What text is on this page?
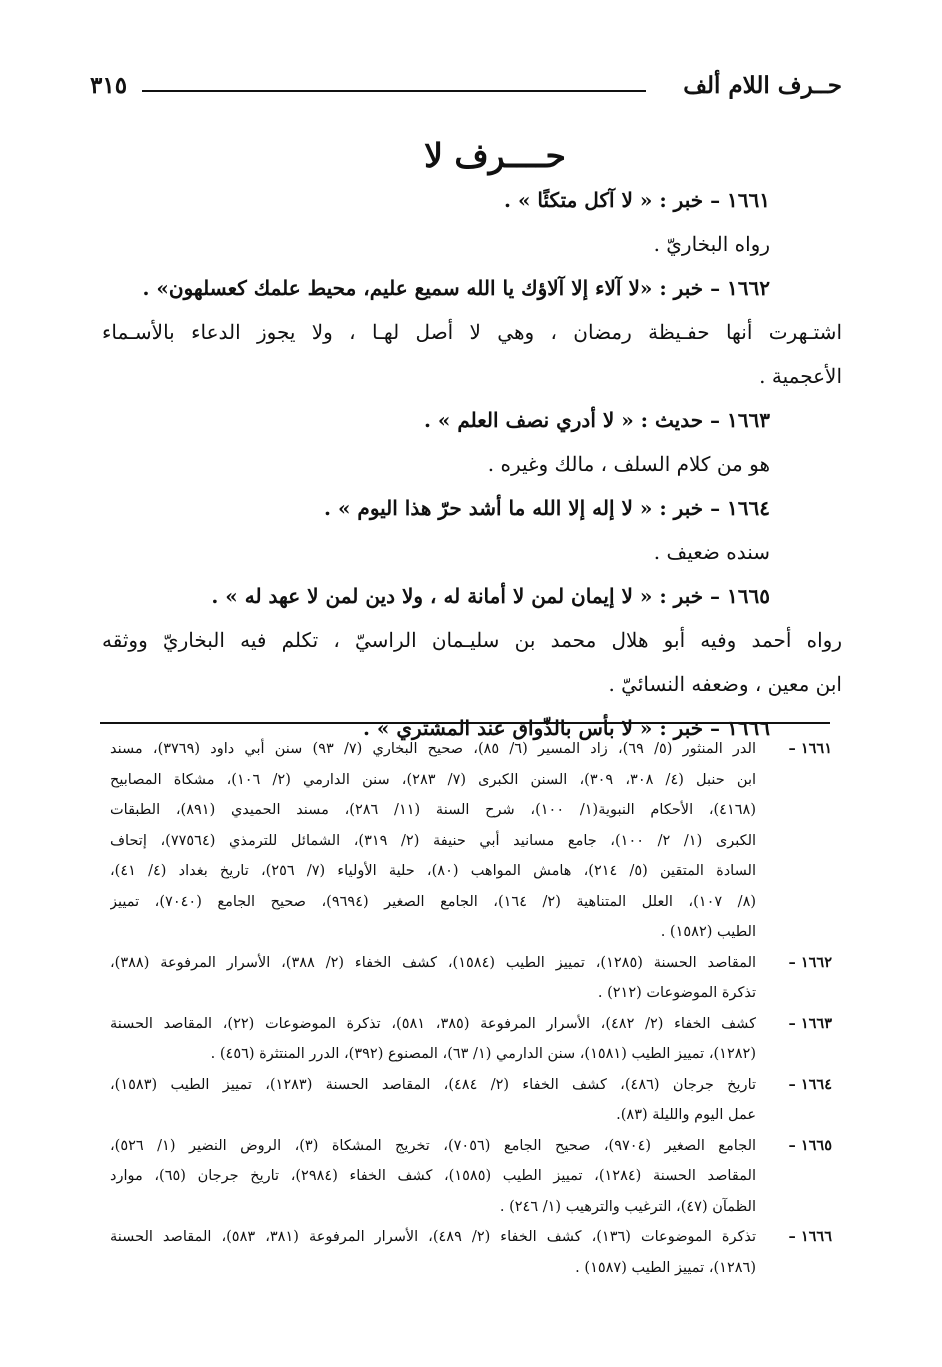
حــرف اللام ألف
٣١٥
حــــرف لا
١٦٦١ – خبر : « لا آكل متكئًا » .
رواه البخاريّ .
١٦٦٢ – خبر : «لا آلاء إلا آلاؤك يا الله سميع عليم، محيط علمك كعسلهون» .
اشتـهرت أنها حفـيظة رمضان ، وهي لا أصل لهـا ، ولا يجوز الدعاء بالأسـماء
الأعجمية .
١٦٦٣ – حديث : « لا أدري نصف العلم » .
هو من كلام السلف ، مالك وغيره .
١٦٦٤ – خبر : « لا إله إلا الله ما أشد حرّ هذا اليوم » .
سنده ضعيف .
١٦٦٥ – خبر : « لا إيمان لمن لا أمانة له ، ولا دين لمن لا عهد له » .
رواه أحمد وفيه أبو هلال محمد بن سليـمان الراسيّ ، تكلم فيه البخاريّ ووثقه
ابن معين ، وضعفه النسائيّ .
١٦٦٦ – خبر : « لا بأس بالذّواق عند المشتري » .
١٦٦١ –
الدر المنثور (٥/ ٦٩)، زاد المسير (٦/ ٨٥)، صحيح البخاري (٧/ ٩٣) سنن أبي داود (٣٧٦٩)، مسند
ابن حنبل (٤/ ٣٠٨، ٣٠٩)، السنن الكبرى (٧/ ٢٨٣)، سنن الدارمي (٢/ ١٠٦)، مشكاة المصابيح
(٤١٦٨)، الأحكام النبوية(١/ ١٠٠)، شرح السنة (١١/ ٢٨٦)، مسند الحميدي (٨٩١)، الطبقات
الكبرى (١/ ٢/ ١٠٠)، جامع مسانيد أبي حنيفة (٢/ ٣١٩)، الشمائل للترمذي (٧٧٥٦٤)، إتحاف
السادة المتقين (٥/ ٢١٤)، هامش المواهب (٨٠)، حلية الأولياء (٧/ ٢٥٦)، تاريخ بغداد (٤/ ٤١)،
(٨/ ١٠٧)، العلل المتناهية (٢/ ١٦٤)، الجامع الصغير (٩٦٩٤)، صحيح الجامع (٧٠٤٠)، تمييز
الطيب (١٥٨٢) .
١٦٦٢ –
المقاصد الحسنة (١٢٨٥)، تمييز الطيب (١٥٨٤)، كشف الخفاء (٢/ ٣٨٨)، الأسرار المرفوعة (٣٨٨)،
تذكرة الموضوعات (٢١٢) .
١٦٦٣ –
كشف الخفاء (٢/ ٤٨٢)، الأسرار المرفوعة (٣٨٥، ٥٨١)، تذكرة الموضوعات (٢٢)، المقاصد الحسنة
(١٢٨٢)، تمييز الطيب (١٥٨١)، سنن الدارمي (١/ ٦٣)، المصنوع (٣٩٢)، الدرر المنتثرة (٤٥٦) .
١٦٦٤ –
تاريخ جرجان (٤٨٦)، كشف الخفاء (٢/ ٤٨٤)، المقاصد الحسنة (١٢٨٣)، تمييز الطيب (١٥٨٣)،
عمل اليوم والليلة (٨٣).
١٦٦٥ –
الجامع الصغير (٩٧٠٤)، صحيح الجامع (٧٠٥٦)، تخريج المشكاة (٣)، الروض النضير (١/ ٥٢٦)،
المقاصد الحسنة (١٢٨٤)، تمييز الطيب (١٥٨٥)، كشف الخفاء (٢٩٨٤)، تاريخ جرجان (٦٥)، موارد
الظمآن (٤٧)، الترغيب والترهيب (١/ ٢٤٦) .
١٦٦٦ –
تذكرة الموضوعات (١٣٦)، كشف الخفاء (٢/ ٤٨٩)، الأسرار المرفوعة (٣٨١، ٥٨٣)، المقاصد الحسنة
(١٢٨٦)، تمييز الطيب (١٥٨٧) .
